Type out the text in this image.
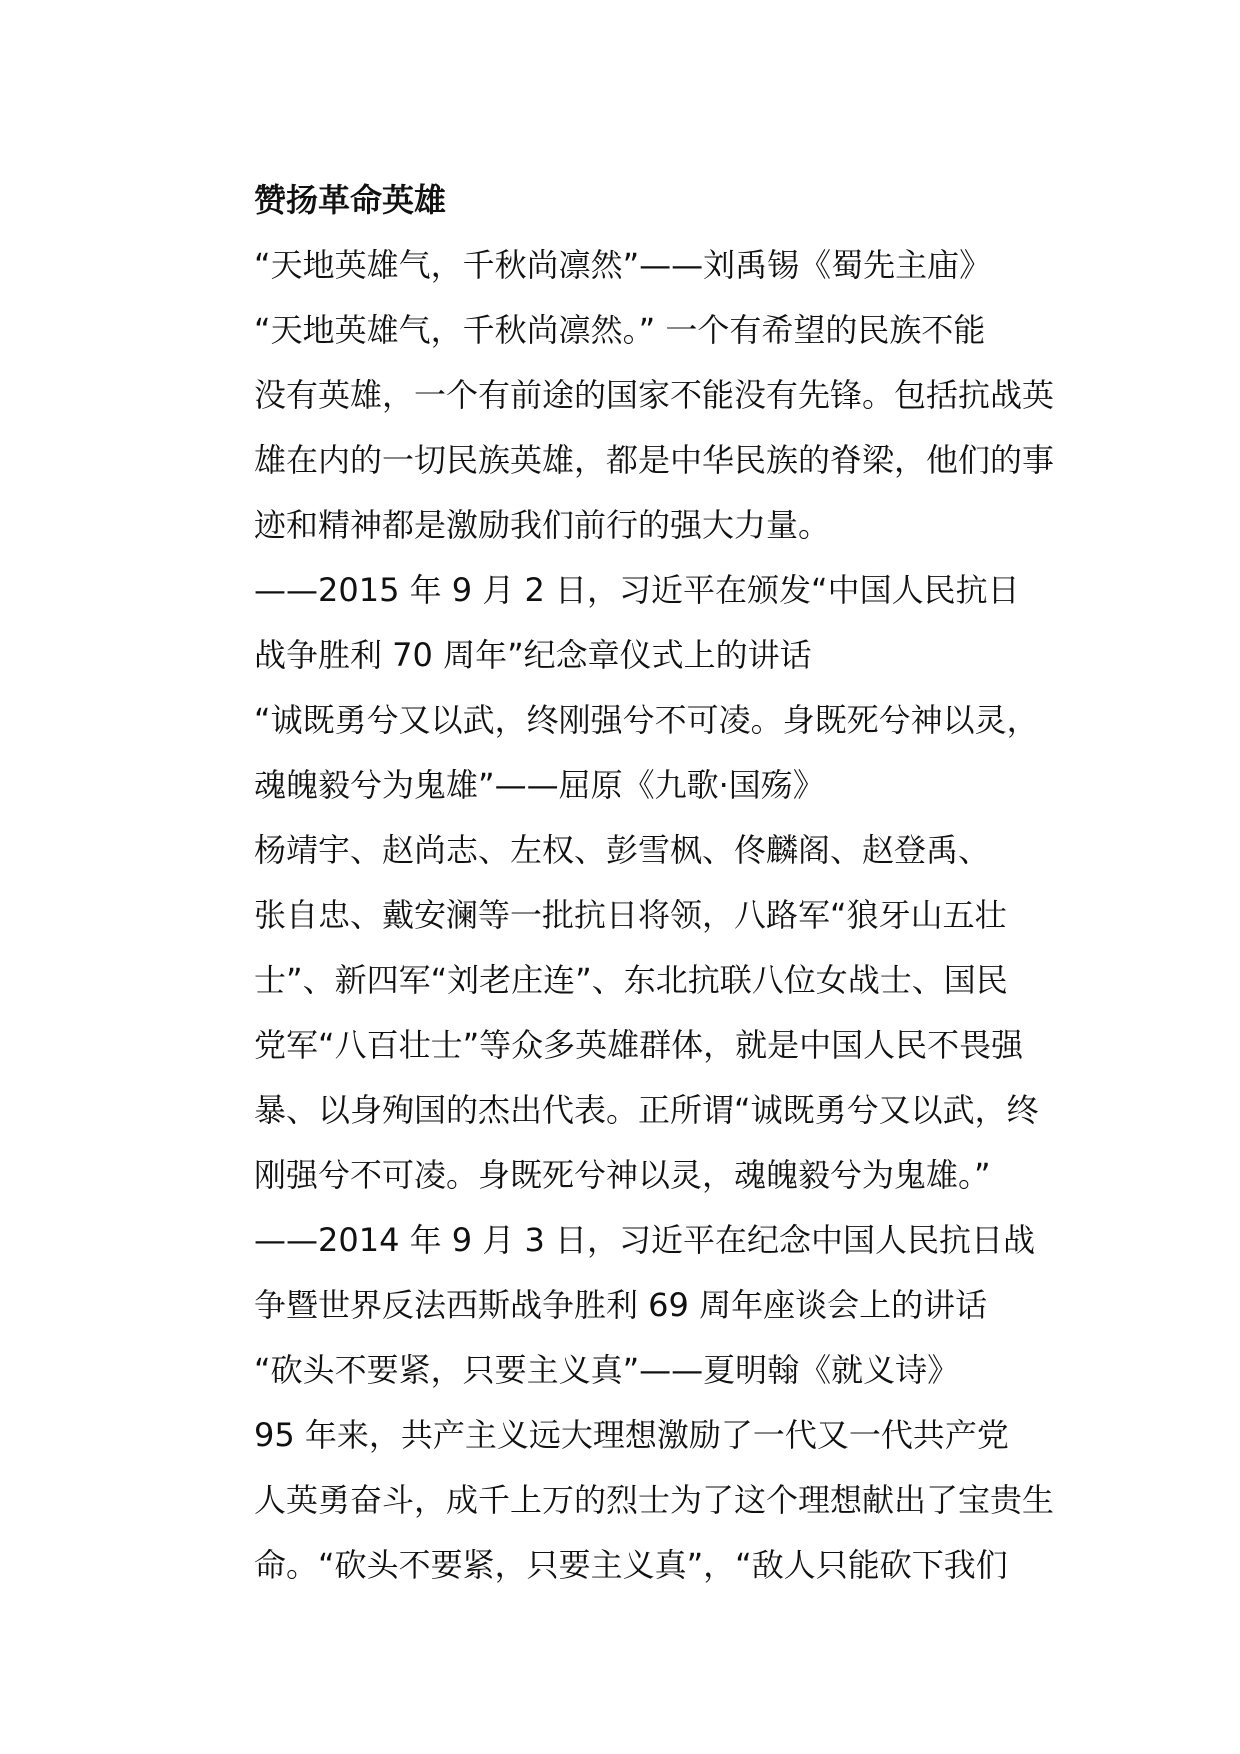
赞扬革命英雄

“天地英雄气，千秋尚凛然”——刘禹锡《蜀先主庙》

“天地英雄气，千秋尚凛然。” 一个有希望的民族不能
没有英雄，一个有前途的国家不能没有先锋。包括抗战英
雄在内的一切民族英雄，都是中华民族的脊梁，他们的事
迹和精神都是激励我们前行的强大力量。

——2015 年 9 月 2 日，习近平在颁发“中国人民抗日
战争胜利 70 周年”纪念章仪式上的讲话

“诚既勇兮又以武，终刚强兮不可凌。身既死兮神以灵，
魂魄毅兮为鬼雄”——屈原《九歌·国殇》

杨靖宇、赵尚志、左权、彭雪枫、佟麟阁、赵登禹、
张自忠、戴安澜等一批抗日将领，八路军“狼牙山五壮
士”、新四军“刘老庄连”、东北抗联八位女战士、国民
党军“八百壮士”等众多英雄群体，就是中国人民不畏强
暴、以身殉国的杰出代表。正所谓“诚既勇兮又以武，终
刚强兮不可凌。身既死兮神以灵，魂魄毅兮为鬼雄。”

——2014 年 9 月 3 日，习近平在纪念中国人民抗日战
争暨世界反法西斯战争胜利 69 周年座谈会上的讲话

“砍头不要紧，只要主义真”——夏明翰《就义诗》

95 年来，共产主义远大理想激励了一代又一代共产党
人英勇奋斗，成千上万的烈士为了这个理想献出了宝贵生
命。“砍头不要紧，只要主义真”，“敌人只能砍下我们
